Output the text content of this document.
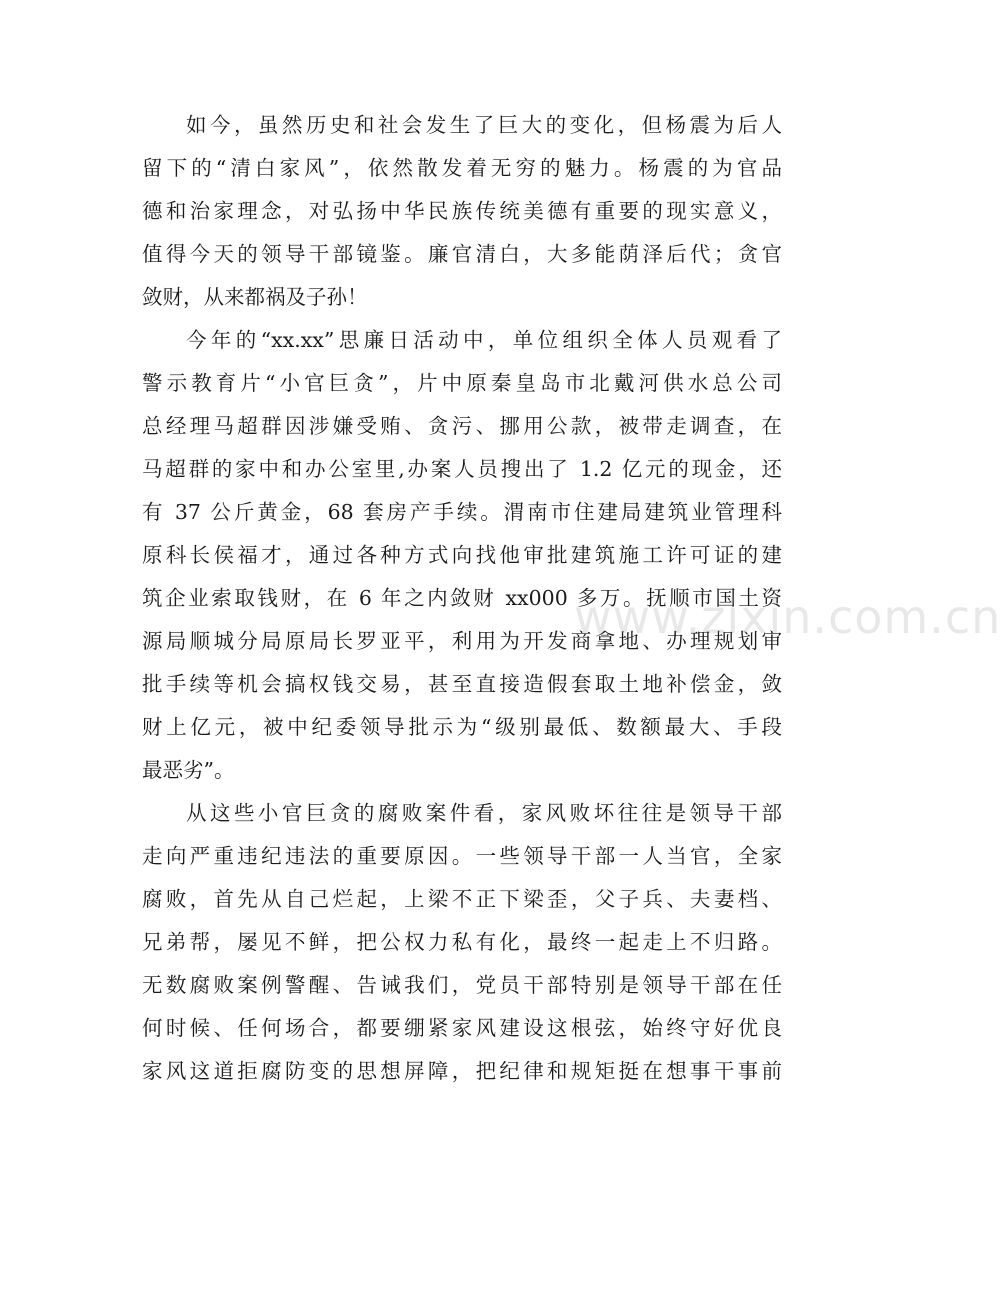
如今，虽然历史和社会发生了巨大的变化，但杨震为后人
留下的“清白家风”，依然散发着无穷的魅力。杨震的为官品
德和治家理念，对弘扬中华民族传统美德有重要的现实意义，
值得今天的领导干部镜鉴。廉官清白，大多能荫泽后代；贪官
敛财，从来都祸及子孙！
今年的“xx.xx”思廉日活动中，单位组织全体人员观看了
警示教育片“小官巨贪”，片中原秦皇岛市北戴河供水总公司
总经理马超群因涉嫌受贿、贪污、挪用公款，被带走调查，在
马超群的家中和办公室里,办案人员搜出了 1.2 亿元的现金，还
有 37 公斤黄金，68 套房产手续。渭南市住建局建筑业管理科
原科长侯福才，通过各种方式向找他审批建筑施工许可证的建
筑企业索取钱财，在 6 年之内敛财 xx000 多万。抚顺市国土资
源局顺城分局原局长罗亚平，利用为开发商拿地、办理规划审
批手续等机会搞权钱交易，甚至直接造假套取土地补偿金，敛
财上亿元，被中纪委领导批示为“级别最低、数额最大、手段
最恶劣”。
从这些小官巨贪的腐败案件看，家风败坏往往是领导干部
走向严重违纪违法的重要原因。一些领导干部一人当官，全家
腐败，首先从自己烂起，上梁不正下梁歪，父子兵、夫妻档、
兄弟帮，屡见不鲜，把公权力私有化，最终一起走上不归路。
无数腐败案例警醒、告诫我们，党员干部特别是领导干部在任
何时候、任何场合，都要绷紧家风建设这根弦，始终守好优良
家风这道拒腐防变的思想屏障，把纪律和规矩挺在想事干事前
www.zixin.com.cn
